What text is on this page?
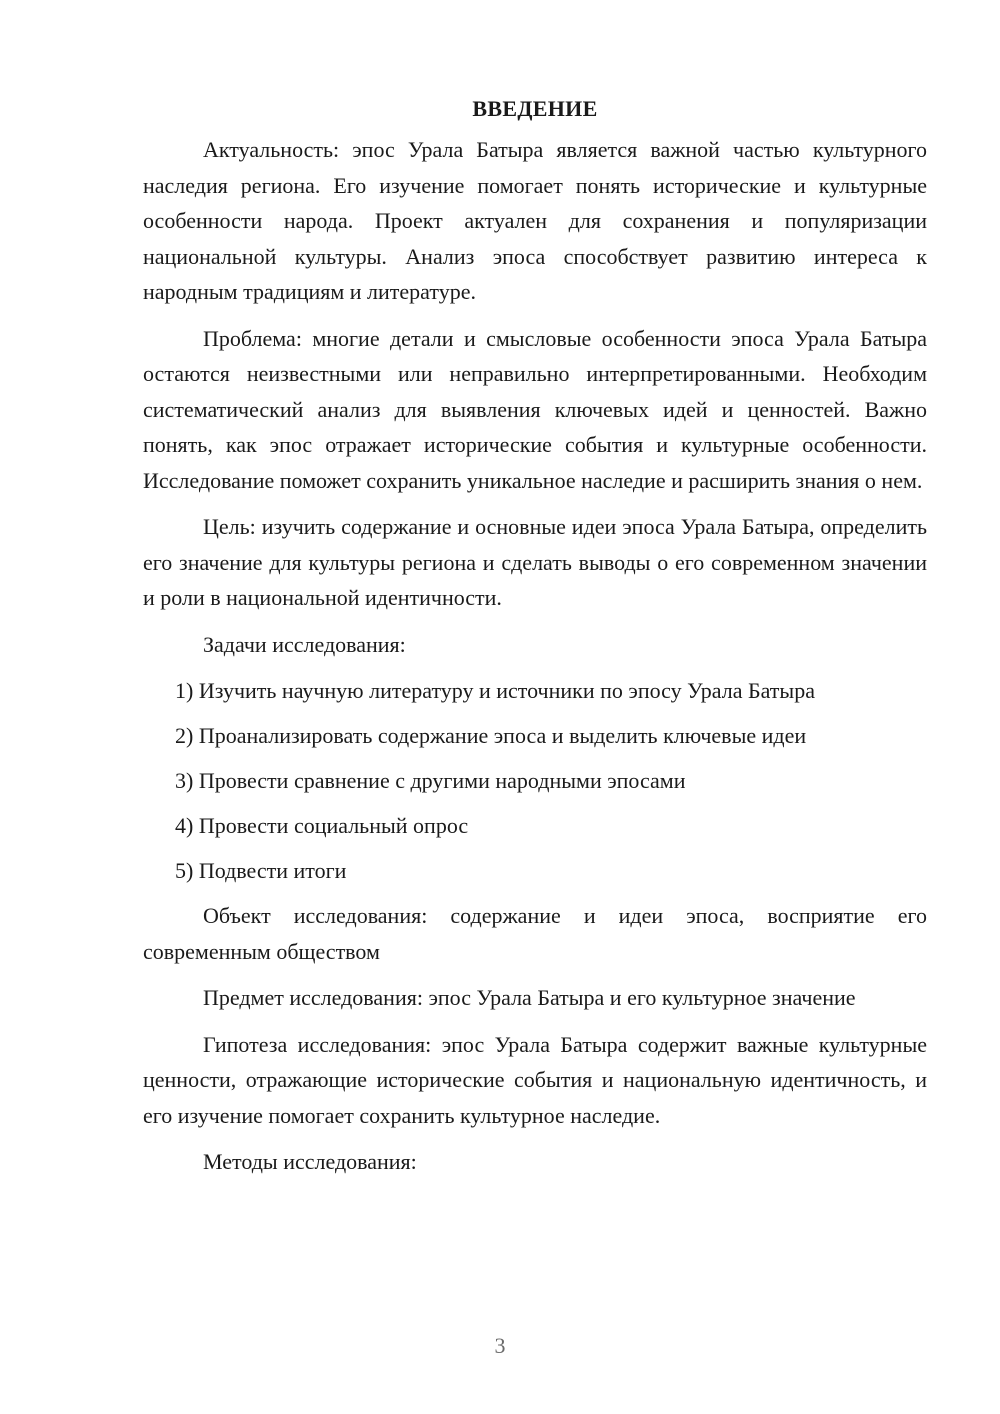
ВВЕДЕНИЕ

Актуальность: эпос Урала Батыра является важной частью культурного наследия региона. Его изучение помогает понять исторические и культурные особенности народа. Проект актуален для сохранения и популяризации национальной культуры. Анализ эпоса способствует развитию интереса к народным традициям и литературе.

Проблема: многие детали и смысловые особенности эпоса Урала Батыра остаются неизвестными или неправильно интерпретированными. Необходим систематический анализ для выявления ключевых идей и ценностей. Важно понять, как эпос отражает исторические события и культурные особенности. Исследование поможет сохранить уникальное наследие и расширить знания о нем.

Цель: изучить содержание и основные идеи эпоса Урала Батыра, определить его значение для культуры региона и сделать выводы о его современном значении и роли в национальной идентичности.

Задачи исследования:

1) Изучить научную литературу и источники по эпосу Урала Батыра

2) Проанализировать содержание эпоса и выделить ключевые идеи

3) Провести сравнение с другими народными эпосами

4) Провести социальный опрос

5) Подвести итоги

Объект исследования: содержание и идеи эпоса, восприятие его современным обществом

Предмет исследования: эпос Урала Батыра и его культурное значение

Гипотеза исследования: эпос Урала Батыра содержит важные культурные ценности, отражающие исторические события и национальную идентичность, и его изучение помогает сохранить культурное наследие.

Методы исследования:

3
